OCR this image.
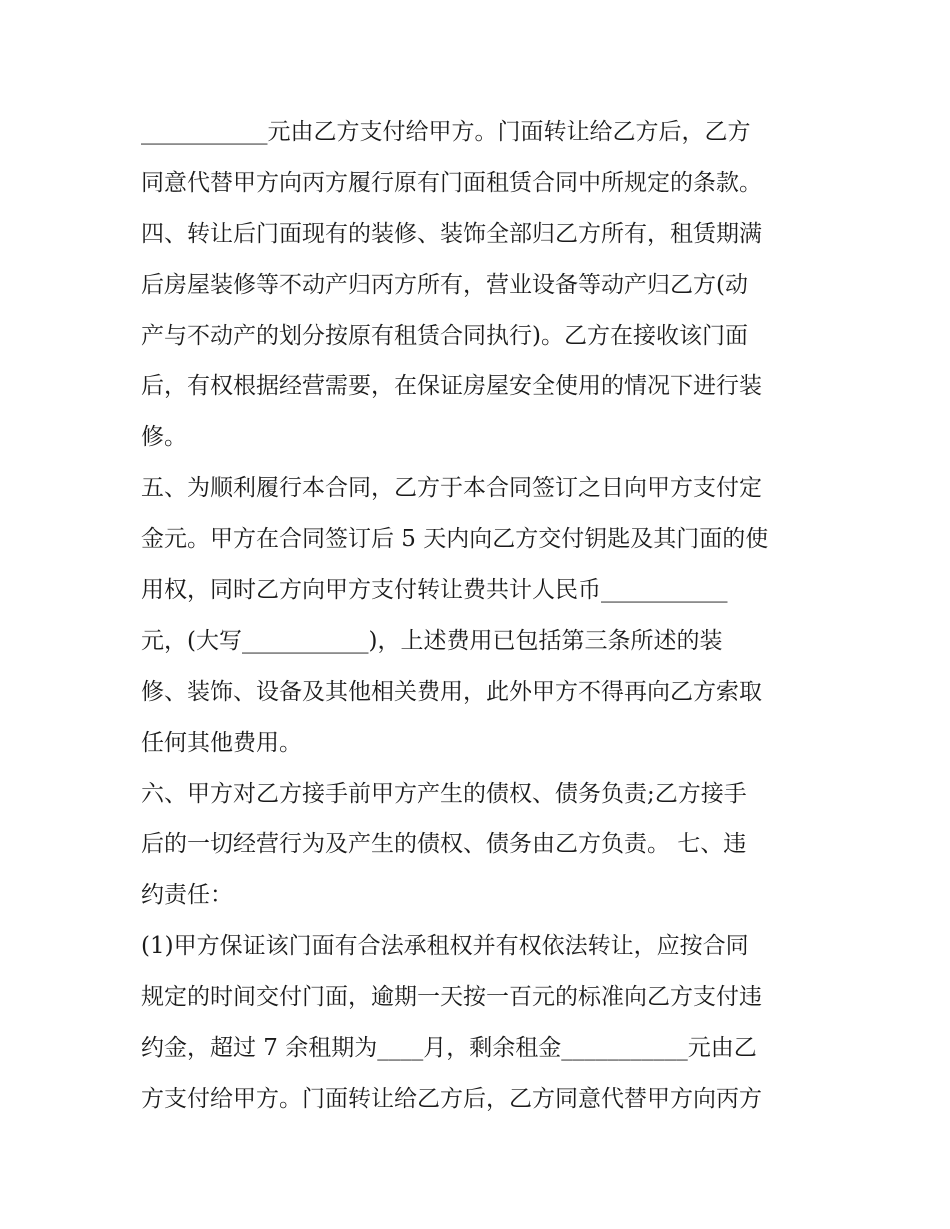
___________元由乙方支付给甲方。门面转让给乙方后，乙方
同意代替甲方向丙方履行原有门面租赁合同中所规定的条款。
四、转让后门面现有的装修、装饰全部归乙方所有，租赁期满
后房屋装修等不动产归丙方所有，营业设备等动产归乙方(动
产与不动产的划分按原有租赁合同执行)。乙方在接收该门面
后，有权根据经营需要，在保证房屋安全使用的情况下进行装
修。
五、为顺利履行本合同，乙方于本合同签订之日向甲方支付定
金元。甲方在合同签订后 5 天内向乙方交付钥匙及其门面的使
用权，同时乙方向甲方支付转让费共计人民币___________
元，(大写___________)，上述费用已包括第三条所述的装
修、装饰、设备及其他相关费用，此外甲方不得再向乙方索取
任何其他费用。
六、甲方对乙方接手前甲方产生的债权、债务负责;乙方接手
后的一切经营行为及产生的债权、债务由乙方负责。 七、违
约责任：
(1)甲方保证该门面有合法承租权并有权依法转让，应按合同
规定的时间交付门面，逾期一天按一百元的标准向乙方支付违
约金，超过 7 余租期为____月，剩余租金___________元由乙
方支付给甲方。门面转让给乙方后，乙方同意代替甲方向丙方
